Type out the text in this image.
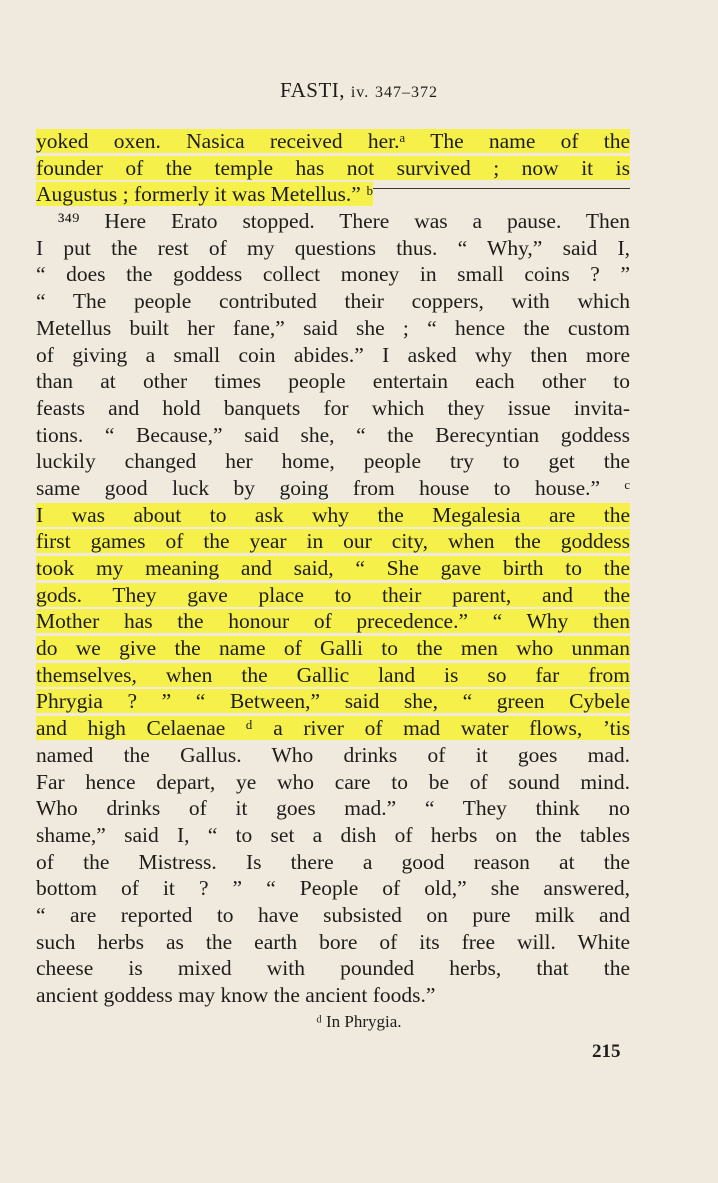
FASTI, iv. 347–372
yoked oxen. Nasica received her.ᵃ The name of the
founder of the temple has not survived ; now it is
Augustus ; formerly it was Metellus.” ᵇ
³⁴⁹ Here Erato stopped. There was a pause. Then
I put the rest of my questions thus. “ Why,” said I,
“ does the goddess collect money in small coins ? ”
“ The people contributed their coppers, with which
Metellus built her fane,” said she ; “ hence the custom
of giving a small coin abides.” I asked why then more
than at other times people entertain each other to
feasts and hold banquets for which they issue invita-
tions. “ Because,” said she, “ the Berecyntian goddess
luckily changed her home, people try to get the
same good luck by going from house to house.” ᶜ
I was about to ask why the Megalesia are the
first games of the year in our city, when the goddess
took my meaning and said, “ She gave birth to the
gods. They gave place to their parent, and the
Mother has the honour of precedence.” “ Why then
do we give the name of Galli to the men who unman
themselves, when the Gallic land is so far from
Phrygia ? ” “ Between,” said she, “ green Cybele
and high Celaenae ᵈ a river of mad water flows, ’tis
named the Gallus. Who drinks of it goes mad.
Far hence depart, ye who care to be of sound mind.
Who drinks of it goes mad.” “ They think no
shame,” said I, “ to set a dish of herbs on the tables
of the Mistress. Is there a good reason at the
bottom of it ? ” “ People of old,” she answered,
“ are reported to have subsisted on pure milk and
such herbs as the earth bore of its free will. White
cheese is mixed with pounded herbs, that the
ancient goddess may know the ancient foods.”
ᵈ In Phrygia.
215
